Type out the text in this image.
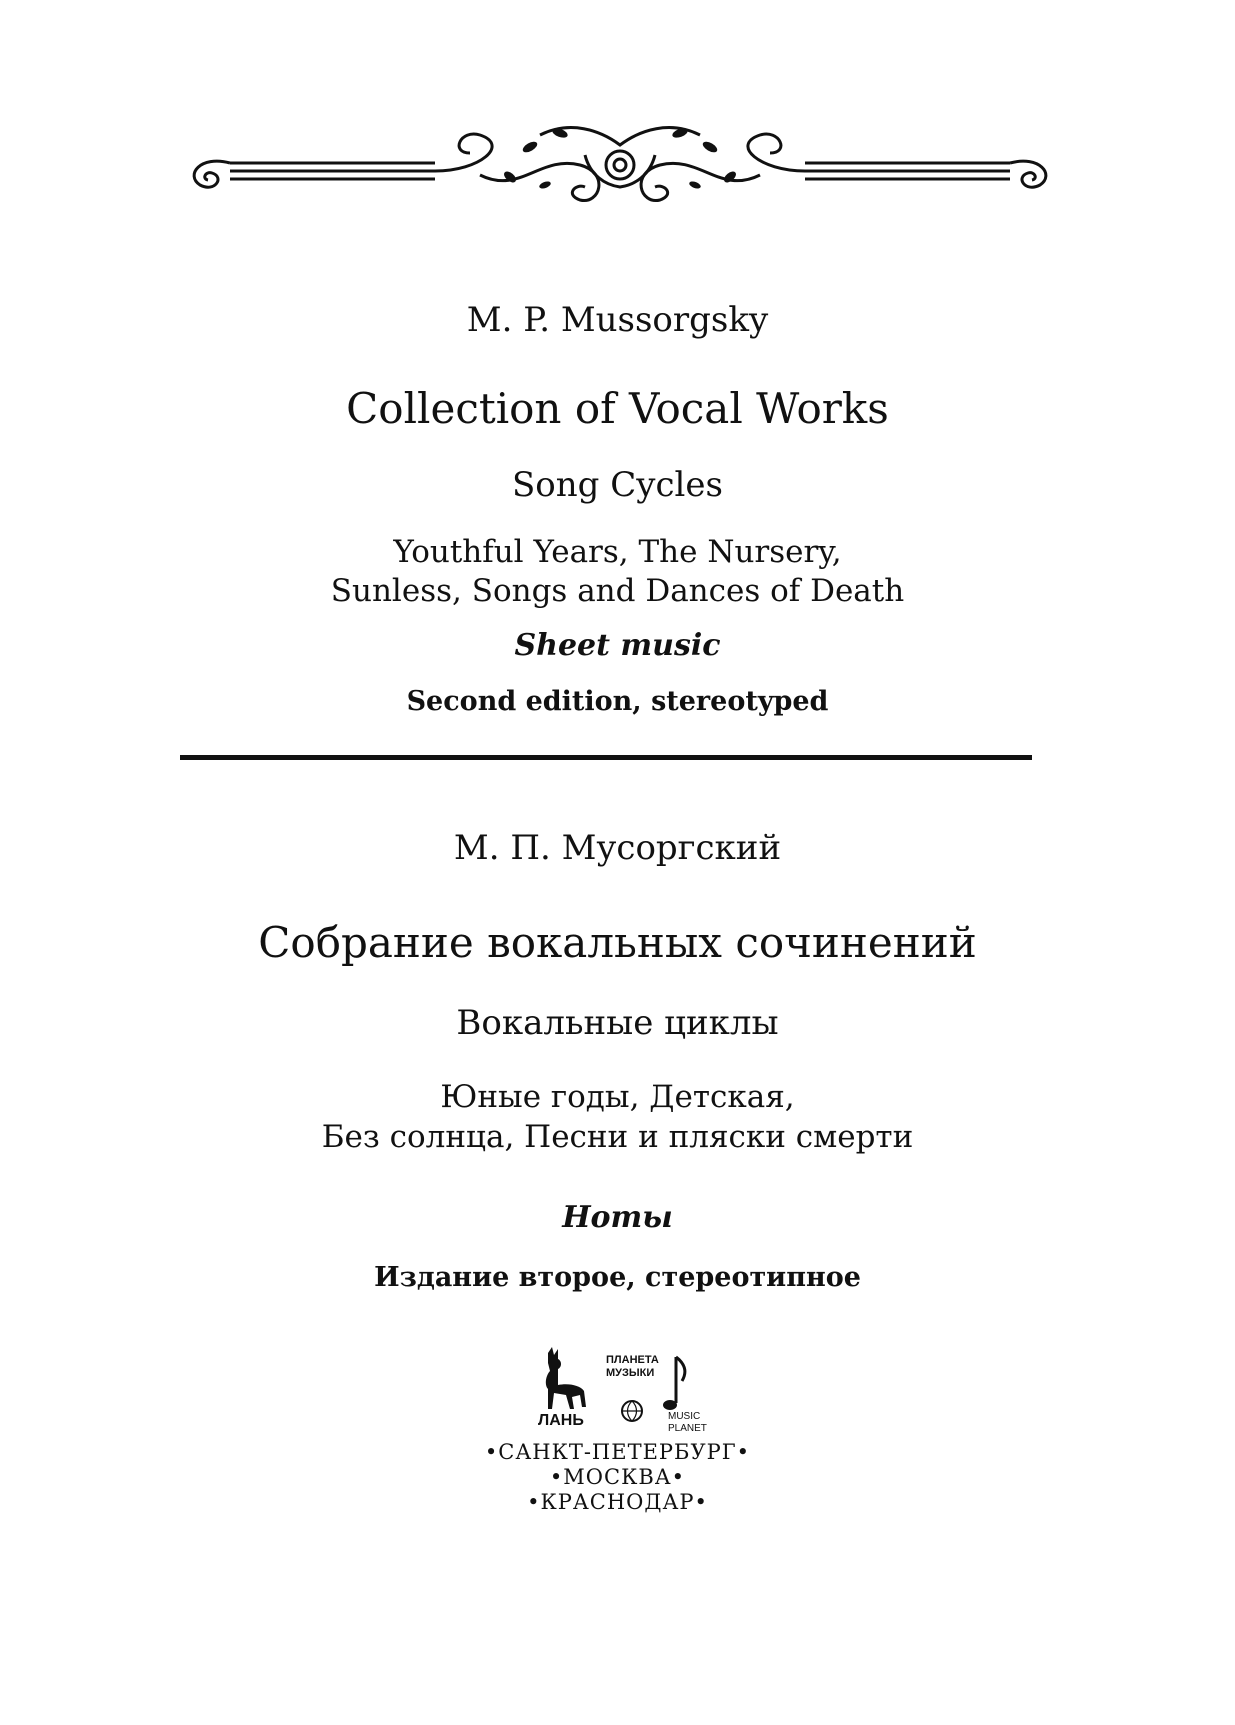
M. P. Mussorgsky
Collection of Vocal Works
Song Cycles
Youthful Years, The Nursery,
Sunless, Songs and Dances of Death
Sheet music
Second edition, stereotyped
М. П. Мусоргский
Собрание вокальных сочинений
Вокальные циклы
Юные годы, Детская,
Без солнца, Песни и пляски смерти
Ноты
Издание второе, стереотипное
ПЛАНЕТА
МУЗЫКИ
ЛАНЬ	MUSIC
PLANET
•САНКТ-ПЕТЕРБУРГ•
•МОСКВА•
•КРАСНОДАР•
